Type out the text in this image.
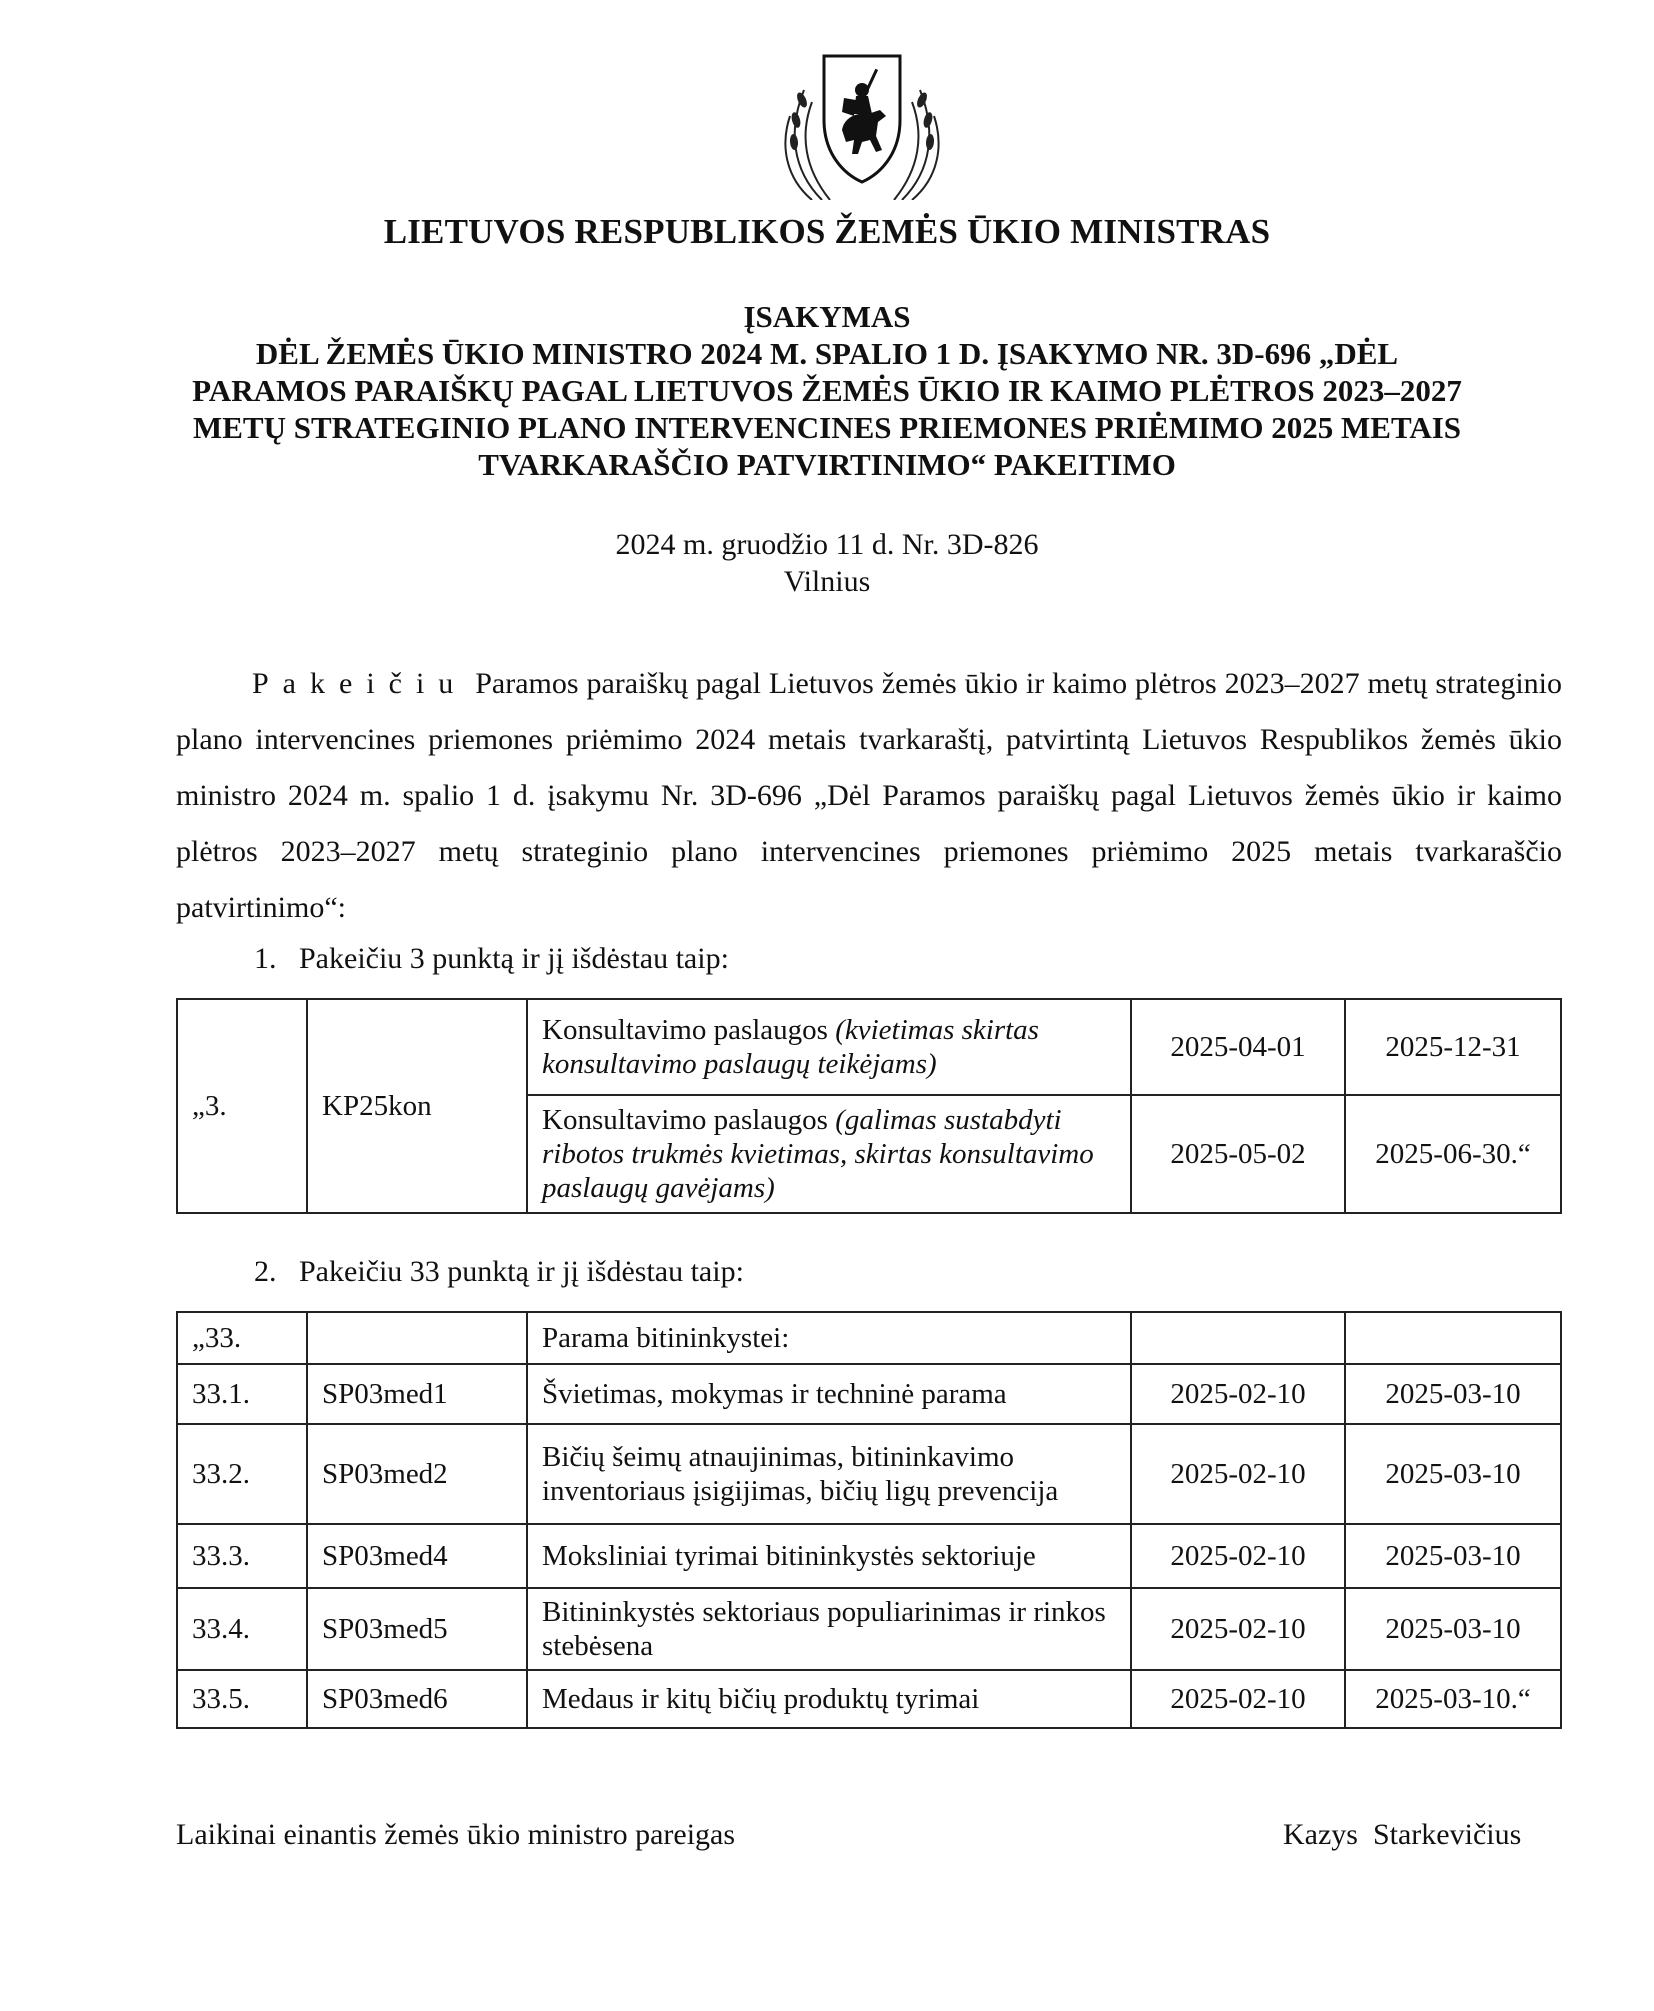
LIETUVOS RESPUBLIKOS ŽEMĖS ŪKIO MINISTRAS
ĮSAKYMAS
DĖL ŽEMĖS ŪKIO MINISTRO 2024 M. SPALIO 1 D. ĮSAKYMO NR. 3D-696 „DĖL
PARAMOS PARAIŠKŲ PAGAL LIETUVOS ŽEMĖS ŪKIO IR KAIMO PLĖTROS 2023–2027
METŲ STRATEGINIO PLANO INTERVENCINES PRIEMONES PRIĖMIMO 2025 METAIS
TVARKARAŠČIO PATVIRTINIMO“ PAKEITIMO
2024 m. gruodžio 11 d. Nr. 3D-826
Vilnius
Pakeičiu Paramos paraiškų pagal Lietuvos žemės ūkio ir kaimo plėtros 2023–2027 metų strateginio plano intervencines priemones priėmimo 2024 metais tvarkaraštį, patvirtintą Lietuvos Respublikos žemės ūkio ministro 2024 m. spalio 1 d. įsakymu Nr. 3D-696 „Dėl Paramos paraiškų pagal Lietuvos žemės ūkio ir kaimo plėtros 2023–2027 metų strateginio plano intervencines priemones priėmimo 2025 metais tvarkaraščio patvirtinimo“:
1.   Pakeičiu 3 punktą ir jį išdėstau taip:
„3.	KP25kon	Konsultavimo paslaugos (kvietimas skirtas konsultavimo paslaugų teikėjams)	2025-04-01	2025-12-31
		Konsultavimo paslaugos (galimas sustabdyti ribotos trukmės kvietimas, skirtas konsultavimo paslaugų gavėjams)	2025-05-02	2025-06-30.“
2.   Pakeičiu 33 punktą ir jį išdėstau taip:
„33.		Parama bitininkystei:		
33.1.	SP03med1	Švietimas, mokymas ir techninė parama	2025-02-10	2025-03-10
33.2.	SP03med2	Bičių šeimų atnaujinimas, bitininkavimo inventoriaus įsigijimas, bičių ligų prevencija	2025-02-10	2025-03-10
33.3.	SP03med4	Moksliniai tyrimai bitininkystės sektoriuje	2025-02-10	2025-03-10
33.4.	SP03med5	Bitininkystės sektoriaus populiarinimas ir rinkos stebėsena	2025-02-10	2025-03-10
33.5.	SP03med6	Medaus ir kitų bičių produktų tyrimai	2025-02-10	2025-03-10.“
Laikinai einantis žemės ūkio ministro pareigas	Kazys  Starkevičius
